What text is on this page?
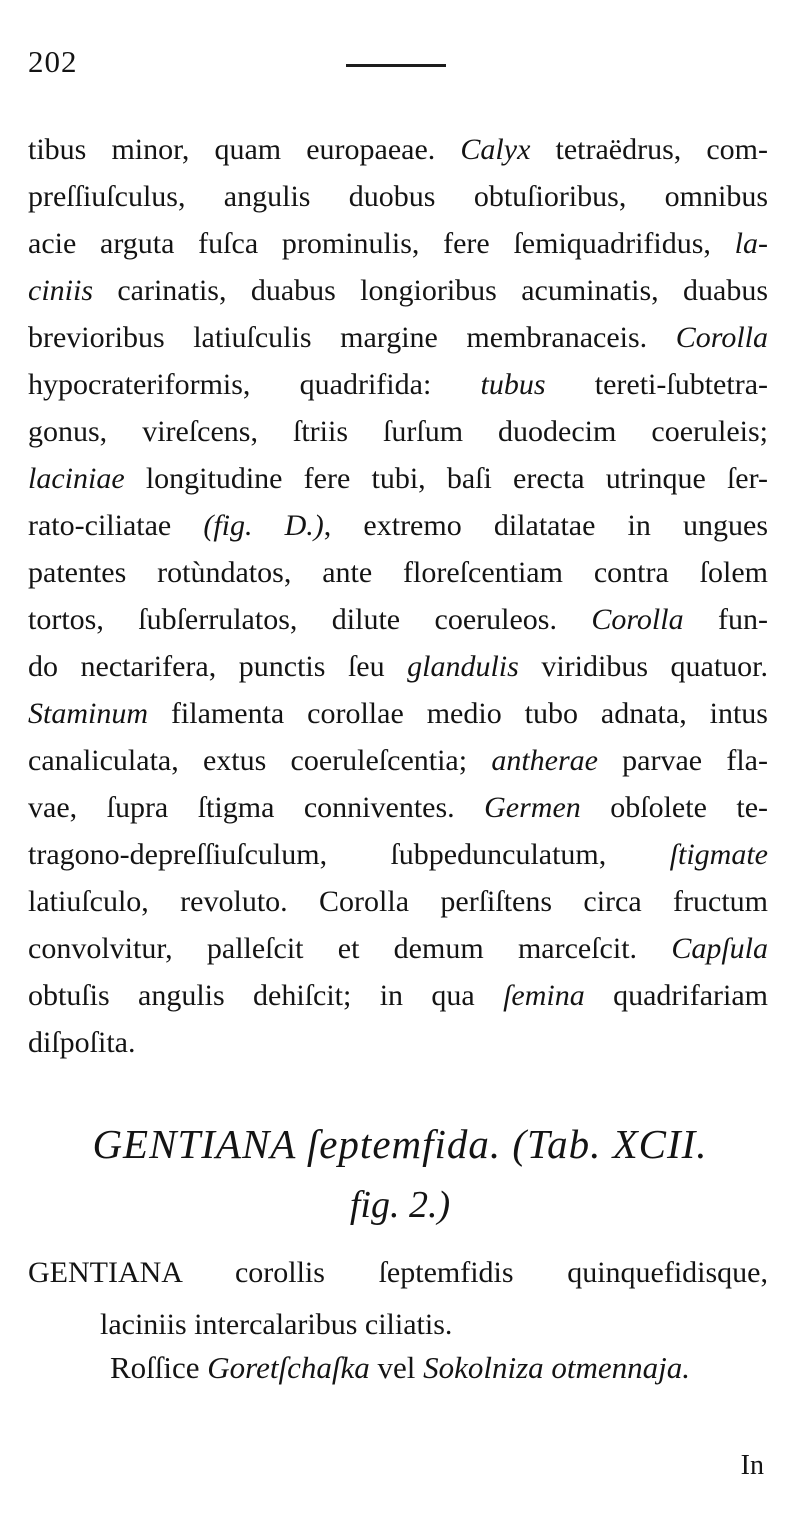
202
tibus minor, quam europaeae. Calyx tetraëdrus, com-
preſſiuſculus, angulis duobus obtuſioribus, omnibus
acie arguta fuſca prominulis, fere ſemiquadrifidus, la-
ciniis carinatis, duabus longioribus acuminatis, duabus
brevioribus latiuſculis margine membranaceis. Corolla
hypocrateriformis, quadrifida: tubus tereti-ſubtetra-
gonus, vireſcens, ſtriis ſurſum duodecim coeruleis;
laciniae longitudine fere tubi, baſi erecta utrinque ſer-
rato-ciliatae (fig. D.), extremo dilatatae in ungues
patentes rotùndatos, ante floreſcentiam contra ſolem
tortos, ſubſerrulatos, dilute coeruleos. Corolla fun-
do nectarifera, punctis ſeu glandulis viridibus quatuor.
Staminum filamenta corollae medio tubo adnata, intus
canaliculata, extus coeruleſcentia; antherae parvae fla-
vae, ſupra ſtigma conniventes. Germen obſolete te-
tragono-depreſſiuſculum, ſubpedunculatum, ſtigmate
latiuſculo, revoluto. Corolla perſiſtens circa fructum
convolvitur, palleſcit et demum marceſcit. Capſula
obtuſis angulis dehiſcit; in qua ſemina quadrifariam
diſpoſita.
GENTIANA ſeptemfida. (Tab. XCII.
fig. 2.)
GENTIANA corollis ſeptemfidis quinquefidisque,
laciniis intercalaribus ciliatis.
Roſſice Goretſchaſka vel Sokolniza otmennaja.
In
